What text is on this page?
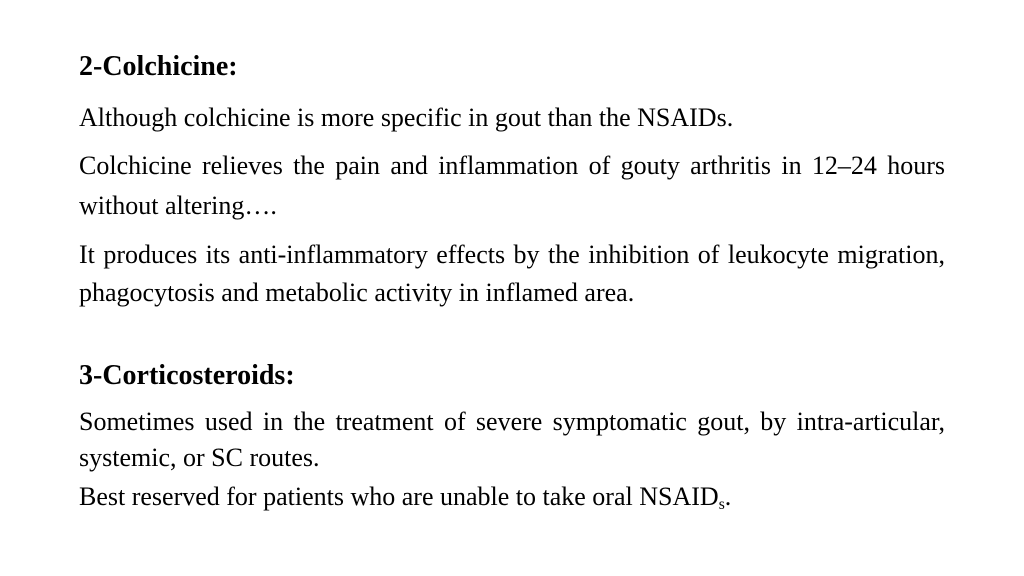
2-Colchicine:

Although colchicine is more specific in gout than the NSAIDs.

Colchicine relieves the pain and inflammation of gouty arthritis in 12–24 hours without altering….

It produces its anti-inflammatory effects by the inhibition of leukocyte migration, phagocytosis and metabolic activity in inflamed area.

3-Corticosteroids:

Sometimes used in the treatment of severe symptomatic gout, by intra-articular, systemic, or SC routes.

Best reserved for patients who are unable to take oral $NSAID_s$.
